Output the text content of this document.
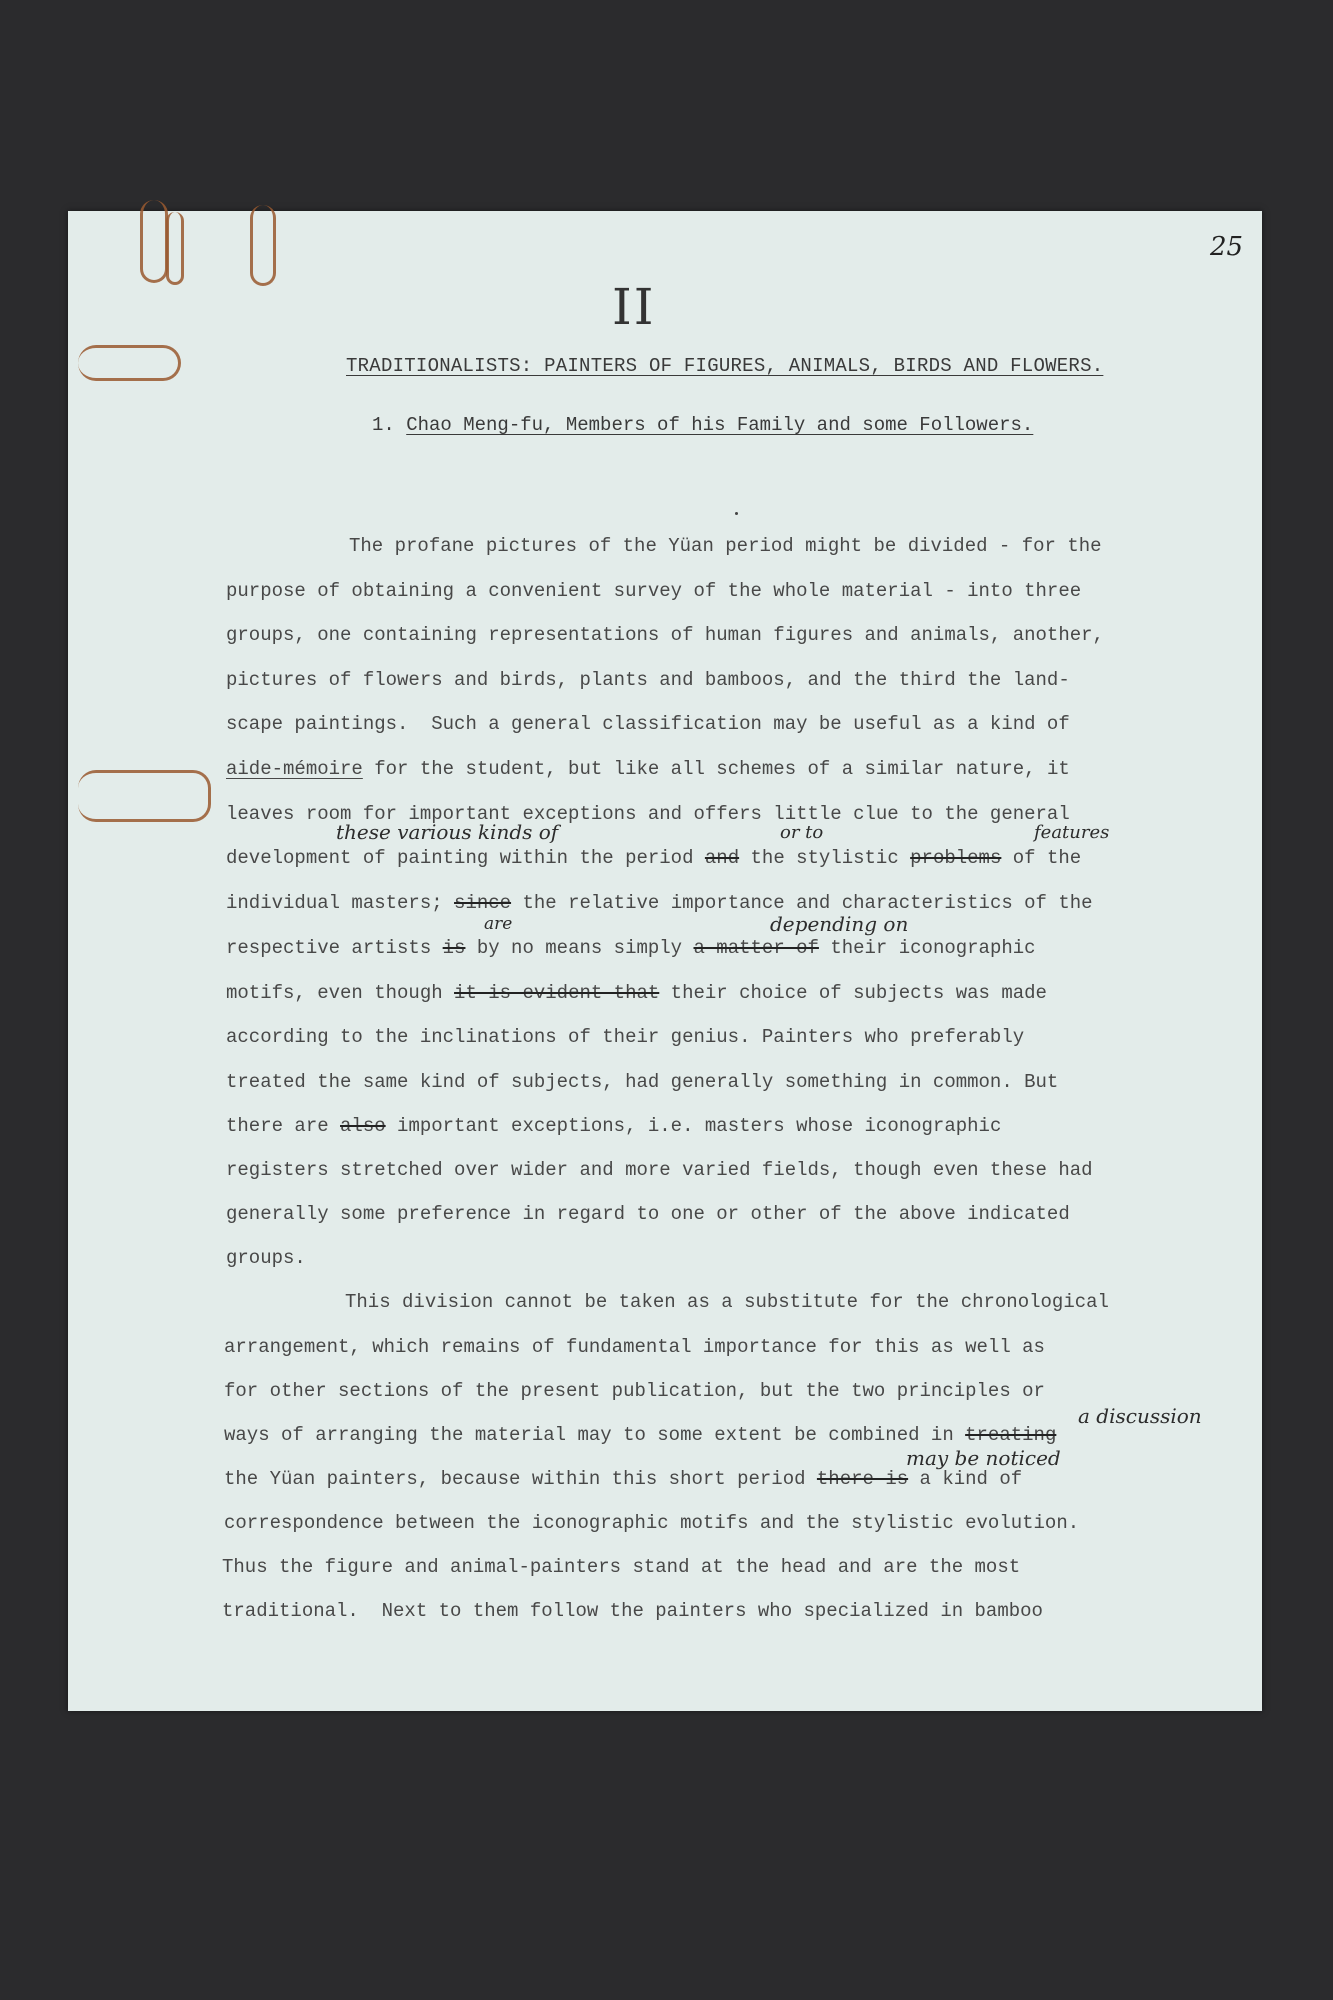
25
II
TRADITIONALISTS: PAINTERS OF FIGURES, ANIMALS, BIRDS AND FLOWERS.
1. Chao Meng-fu, Members of his Family and some Followers.
The profane pictures of the Yüan period might be divided - for the
purpose of obtaining a convenient survey of the whole material - into three
groups, one containing representations of human figures and animals, another,
pictures of flowers and birds, plants and bamboos, and the third the land-
scape paintings.  Such a general classification may be useful as a kind of
aide-mémoire for the student, but like all schemes of a similar nature, it
leaves room for important exceptions and offers little clue to the general
these various kinds of	or to	features
development of painting within the period and the stylistic problems of the
individual masters; since the relative importance and characteristics of the
are	depending on
respective artists is by no means simply a matter of their iconographic
motifs, even though it is evident that their choice of subjects was made
according to the inclinations of their genius. Painters who preferably
treated the same kind of subjects, had generally something in common. But
there are also important exceptions, i.e. masters whose iconographic
registers stretched over wider and more varied fields, though even these had
generally some preference in regard to one or other of the above indicated
groups.
This division cannot be taken as a substitute for the chronological
arrangement, which remains of fundamental importance for this as well as
for other sections of the present publication, but the two principles or
a discussion
ways of arranging the material may to some extent be combined in treating
may be noticed
the Yüan painters, because within this short period there is a kind of
correspondence between the iconographic motifs and the stylistic evolution.
Thus the figure and animal-painters stand at the head and are the most
traditional.  Next to them follow the painters who specialized in bamboo
